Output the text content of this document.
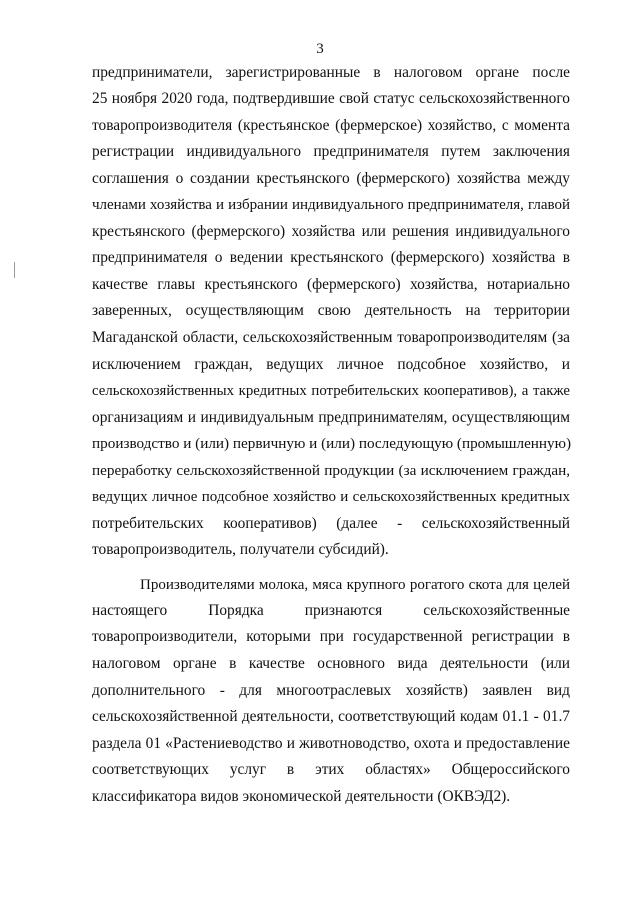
3
предприниматели, зарегистрированные в налоговом органе после
25 ноября 2020 года, подтвердившие свой статус сельскохозяйственного
товаропроизводителя (крестьянское (фермерское) хозяйство, с момента
регистрации индивидуального предпринимателя путем заключения
соглашения о создании крестьянского (фермерского) хозяйства между
членами хозяйства и избрании индивидуального предпринимателя, главой
крестьянского (фермерского) хозяйства или решения индивидуального
предпринимателя о ведении крестьянского (фермерского) хозяйства в
качестве главы крестьянского (фермерского) хозяйства, нотариально
заверенных, осуществляющим свою деятельность на территории
Магаданской области, сельскохозяйственным товаропроизводителям (за
исключением граждан, ведущих личное подсобное хозяйство, и
сельскохозяйственных кредитных потребительских кооперативов), а также
организациям и индивидуальным предпринимателям, осуществляющим
производство и (или) первичную и (или) последующую (промышленную)
переработку сельскохозяйственной продукции (за исключением граждан,
ведущих личное подсобное хозяйство и сельскохозяйственных кредитных
потребительских кооперативов) (далее - сельскохозяйственный
товаропроизводитель, получатели субсидий).
Производителями молока, мяса крупного рогатого скота для целей
настоящего Порядка признаются сельскохозяйственные
товаропроизводители, которыми при государственной регистрации в
налоговом органе в качестве основного вида деятельности (или
дополнительного - для многоотраслевых хозяйств) заявлен вид
сельскохозяйственной деятельности, соответствующий кодам 01.1 - 01.7
раздела 01 «Растениеводство и животноводство, охота и предоставление
соответствующих услуг в этих областях» Общероссийского
классификатора видов экономической деятельности (ОКВЭД2).
